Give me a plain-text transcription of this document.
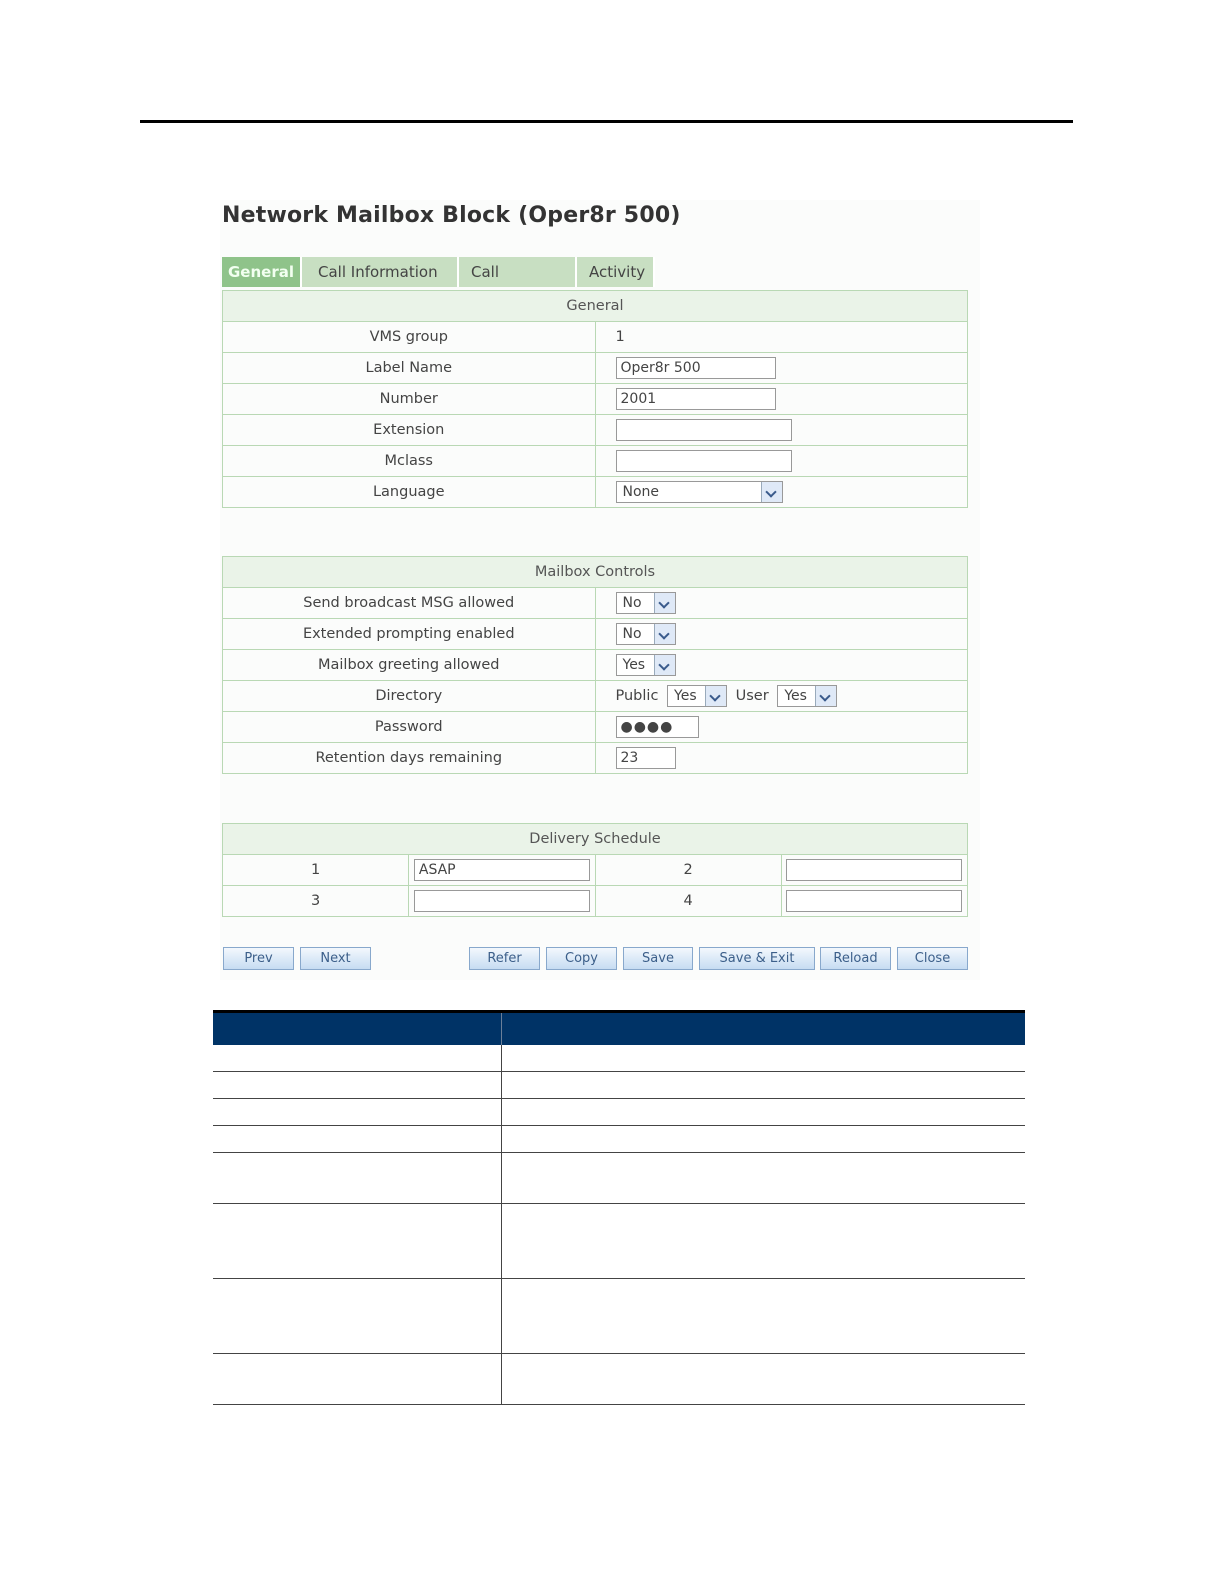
Network Mailbox Block (Oper8r 500)
General	Call Information	Call	Activity
General	
VMS group	1
Label Name	Oper8r 500
Number	2001
Extension	
Mclass	
Language	None
Mailbox Controls	
Send broadcast MSG allowed	No

Extended prompting enabled	No

Mailbox greeting allowed	Yes

Directory	Public Yes User Yes

Password	●●●●
Retention days remaining	23
Delivery Schedule			
1	ASAP	2	
3		4	
Prev	Next	Refer	Copy	Save	Save & Exit	Reload	Close
